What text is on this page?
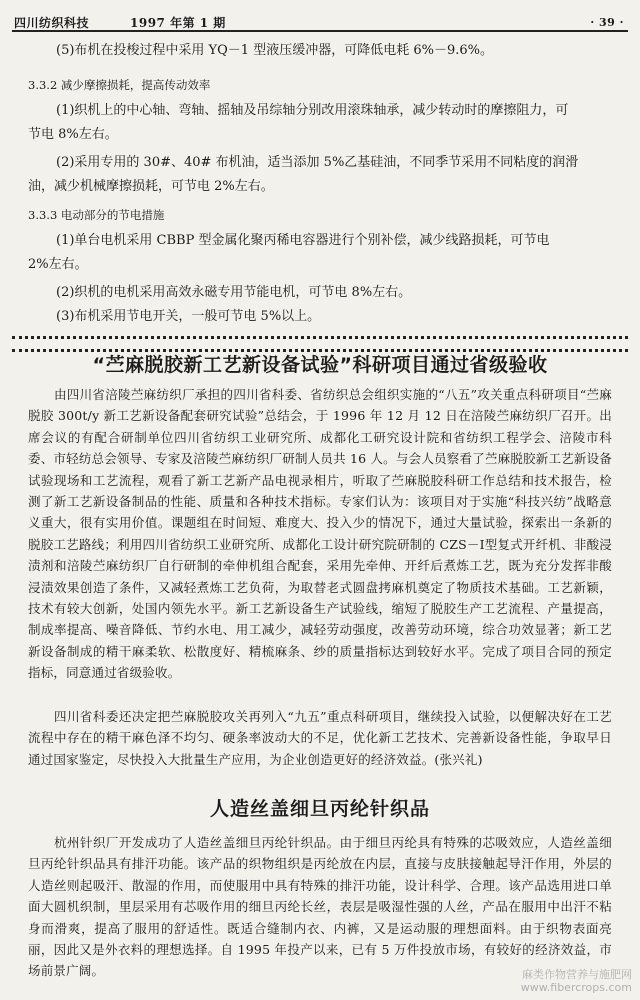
四川纺织科技	1997 年第 1 期	· 39 ·
(5)布机在投梭过程中采用 YQ－1 型液压缓冲器，可降低电耗 6%－9.6%。
3.3.2 减少摩擦损耗，提高传动效率
(1)织机上的中心轴、弯轴、摇轴及吊综轴分别改用滚珠轴承，减少转动时的摩擦阻力，可
节电 8%左右。
(2)采用专用的 30#、40# 布机油，适当添加 5%乙基硅油，不同季节采用不同粘度的润滑
油，减少机械摩擦损耗，可节电 2%左右。
3.3.3 电动部分的节电措施
(1)单台电机采用 CBBP 型金属化聚丙稀电容器进行个别补偿，减少线路损耗，可节电
2%左右。
(2)织机的电机采用高效永磁专用节能电机，可节电 8%左右。
(3)布机采用节电开关，一般可节电 5%以上。
“苎麻脱胶新工艺新设备试验”科研项目通过省级验收
由四川省涪陵苎麻纺织厂承担的四川省科委、省纺织总会组织实施的“八五”攻关重点科研项目“苎麻脱胶 300t/y 新工艺新设备配套研究试验”总结会，于 1996 年 12 月 12 日在涪陵苎麻纺织厂召开。出席会议的有配合研制单位四川省纺织工业研究所、成都化工研究设计院和省纺织工程学会、涪陵市科委、市轻纺总会领导、专家及涪陵苎麻纺织厂研制人员共 16 人。与会人员察看了苎麻脱胶新工艺新设备试验现场和工艺流程，观看了新工艺新产品电视录相片，听取了苎麻脱胶科研工作总结和技术报告，检测了新工艺新设备制品的性能、质量和各种技术指标。专家们认为：该项目对于实施“科技兴纺”战略意义重大，很有实用价值。课题组在时间短、难度大、投入少的情况下，通过大量试验，探索出一条新的脱胶工艺路线；利用四川省纺织工业研究所、成都化工设计研究院研制的 CZS－Ⅰ型复式开纤机、非酸浸渍剂和涪陵苎麻纺织厂自行研制的牵伸机组合配套，采用先牵伸、开纤后煮炼工艺，既为充分发挥非酸浸渍效果创造了条件，又减轻煮炼工艺负荷，为取替老式圆盘拷麻机奠定了物质技术基础。工艺新颖，技术有较大创新，处国内领先水平。新工艺新设备生产试验线，缩短了脱胶生产工艺流程、产量提高，制成率提高、噪音降低、节约水电、用工减少，减轻劳动强度，改善劳动环境，综合功效显著；新工艺新设备制成的精干麻柔软、松散度好、精梳麻条、纱的质量指标达到较好水平。完成了项目合同的预定指标，同意通过省级验收。
四川省科委还决定把苎麻脱胶攻关再列入“九五”重点科研项目，继续投入试验，以便解决好在工艺流程中存在的精干麻色泽不均匀、硬条率波动大的不足，优化新工艺技术、完善新设备性能，争取早日通过国家鉴定，尽快投入大批量生产应用，为企业创造更好的经济效益。(张兴礼)
人造丝盖细旦丙纶针织品
杭州针织厂开发成功了人造丝盖细旦丙纶针织品。由于细旦丙纶具有特殊的芯吸效应，人造丝盖细旦丙纶针织品具有排汗功能。该产品的织物组织是丙纶放在内层，直接与皮肤接触起导汗作用，外层的人造丝则起吸汗、散湿的作用，而使服用中具有特殊的排汗功能，设计科学、合理。该产品选用进口单面大圆机织制，里层采用有芯吸作用的细旦丙纶长丝，表层是吸湿性强的人丝，产品在服用中出汗不粘身而滑爽，提高了服用的舒适性。既适合缝制内衣、内裤，又是运动服的理想面料。由于织物表面亮丽，因此又是外衣料的理想选择。自 1995 年投产以来，已有 5 万件投放市场，有较好的经济效益，市场前景广阔。	麻类作物营养与施肥网
www.fibercrops.com
